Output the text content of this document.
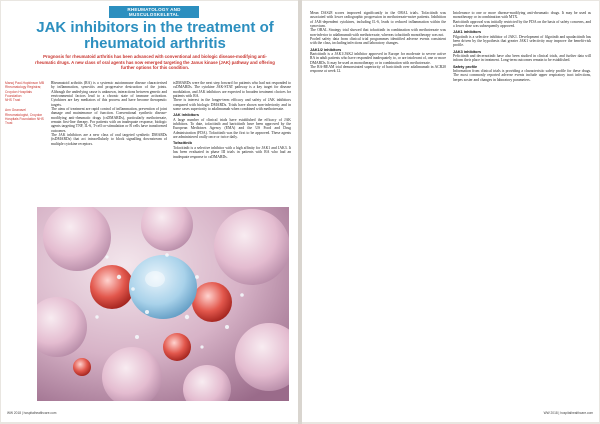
RHEUMATOLOGY AND MUSCULOSKELETAL
JAK inhibitors in the treatment of rheumatoid arthritis

Prognosis for rheumatoid arthritis has been advanced with conventional and biologic disease-modifying anti-rheumatic drugs. A new class of oral agents has now emerged targeting the Janus kinase (JAK) pathway and offering further options for this condition.

Manoj Paul-Hopkinson MB
Rheumatology Registrar, Croydon Hospitals Foundation
NHS Trust

Ann Gnanavel
Rheumatologist, Croydon Hospitals Foundation NHS Trust

Rheumatoid arthritis (RA) is a systemic autoimmune disease characterised by inflammation, synovitis and progressive destruction of the joints. Although the underlying cause is unknown, interactions between genetic and environmental factors lead to a chronic state of immune activation. Cytokines are key mediators of this process and have become therapeutic targets.

The aims of treatment are rapid control of inflammation, prevention of joint damage and maintenance of function. Conventional synthetic disease-modifying anti-rheumatic drugs (csDMARDs), particularly methotrexate, remain first-line therapy. For patients with an inadequate response, biologic agents targeting TNF, IL-6, T-cell co-stimulation or B cells have transformed outcomes.

The JAK inhibitors are a new class of oral targeted synthetic DMARDs (tsDMARDs) that act intracellularly to block signalling downstream of multiple cytokine receptors.

tsDMARDs were the next step forward for patients who had not responded to csDMARDs. The cytokine JAK-STAT pathway is a key target for disease modulation, and JAK inhibitors are expected to broaden treatment choices for patients with RA.

There is interest in the longer-term efficacy and safety of JAK inhibitors compared with biologic DMARDs. Trials have shown non-inferiority and in some cases superiority to adalimumab when combined with methotrexate.

JAK inhibitors

A large number of clinical trials have established the efficacy of JAK inhibitors. To date, tofacitinib and baricitinib have been approved by the European Medicines Agency (EMA) and the US Food and Drug Administration (FDA). Tofacitinib was the first to be approved. These agents are administered orally once or twice daily.

Tofacitinib

Tofacitinib is a selective inhibitor with a high affinity for JAK1 and JAK3. It has been evaluated in phase III trials in patients with RA who had an inadequate response to csDMARDs.

WW 2018 | hospitalhealthcare.com

Mean DAS28 scores improved significantly in the ORAL trials. Tofacitinib was associated with lower radiographic progression in methotrexate-naive patients. Inhibition of JAK-dependent cytokines, including IL-6, leads to reduced inflammation within the synovium.

The ORAL Strategy trial showed that tofacitinib in combination with methotrexate was non-inferior to adalimumab with methotrexate, whereas tofacitinib monotherapy was not.

Pooled safety data from clinical trial programmes identified adverse events consistent with the class, including infections and laboratory changes.

JAK1/2 inhibitors

Baricitinib is a JAK1/JAK2 inhibitor approved in Europe for moderate to severe active RA in adult patients who have responded inadequately to, or are intolerant of, one or more DMARDs. It may be used as monotherapy or in combination with methotrexate.

The RA-BEAM trial demonstrated superiority of baricitinib over adalimumab in ACR20 response at week 12.

Intolerance to one or more disease-modifying anti-rheumatic drugs. It may be used as monotherapy or in combination with MTX.

Baricitinib approval was initially restricted by the FDA on the basis of safety concerns, and a lower dose was subsequently approved.

JAK1 inhibitors

Filgotinib is a selective inhibitor of JAK1. Development of filgotinib and upadacitinib has been driven by the hypothesis that greater JAK1 selectivity may improve the benefit-risk profile.

JAK3 inhibitors

Peficitinib and decernotinib have also been studied in clinical trials, and further data will inform their place in treatment. Long-term outcomes remain to be established.

Safety profile

Information from clinical trials is providing a characteristic safety profile for these drugs. The most commonly reported adverse events include upper respiratory tract infections, herpes zoster and changes in laboratory parameters.

WW 2018 | hospitalhealthcare.com
